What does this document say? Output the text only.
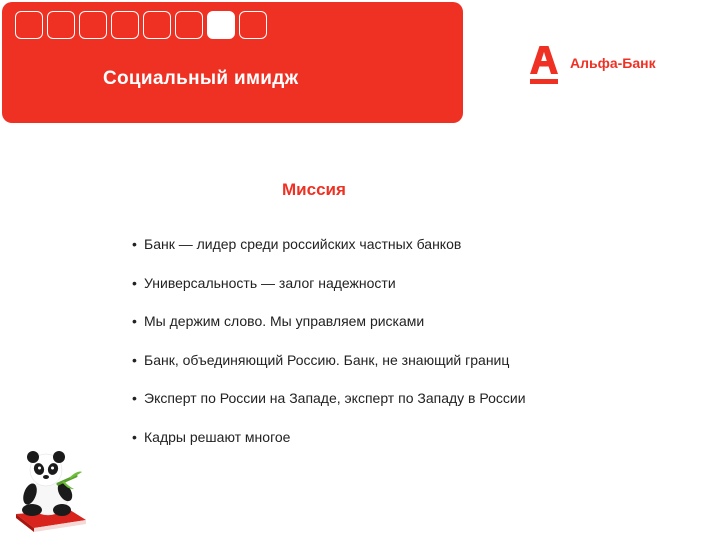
Социальный имидж
Альфа-Банк
Миссия
• Банк — лидер среди российских частных банков
• Универсальность — залог надежности
• Мы держим слово. Мы управляем рисками
• Банк, объединяющий Россию. Банк, не знающий границ
• Эксперт по России на Западе, эксперт по Западу в России
• Кадры решают многое
